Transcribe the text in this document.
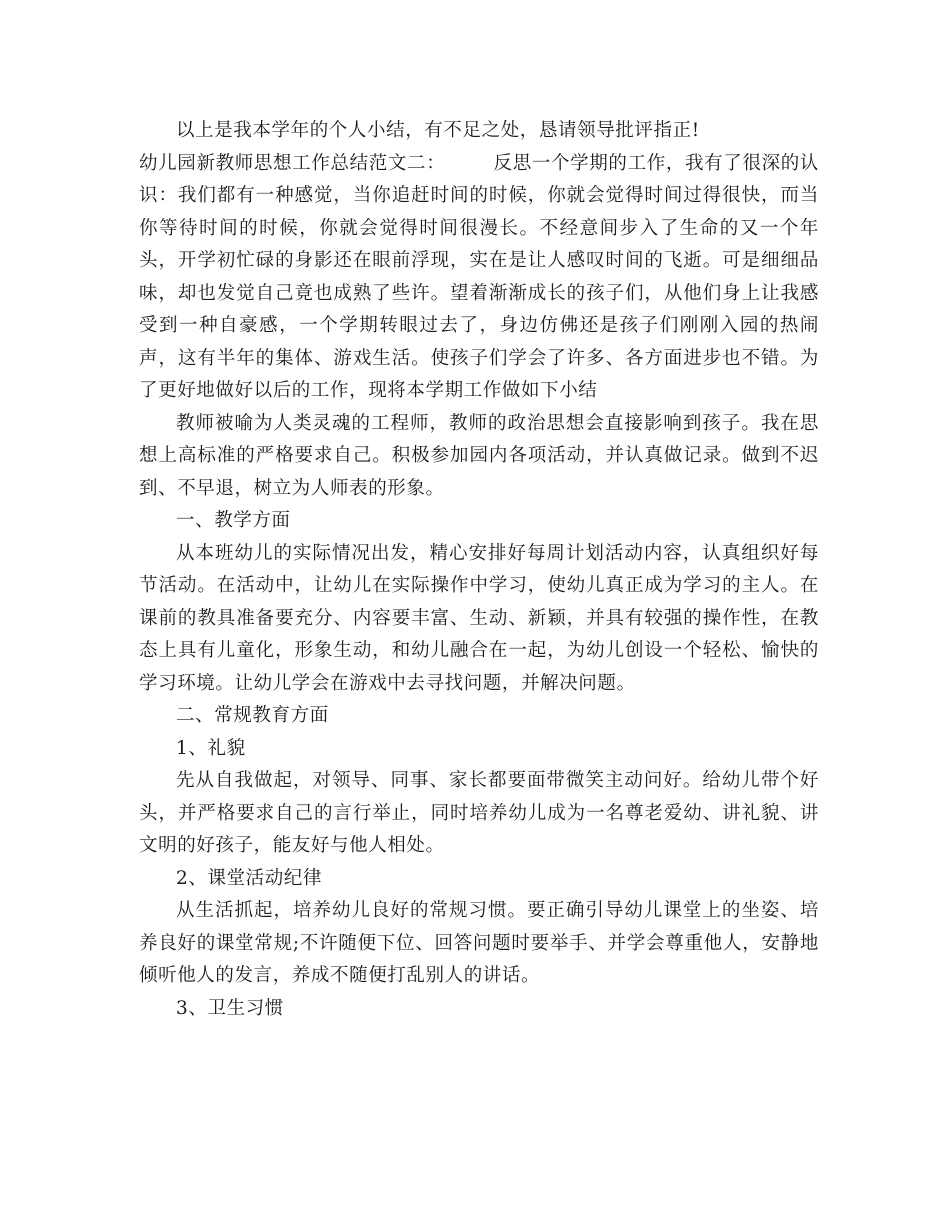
以上是我本学年的个人小结，有不足之处，恳请领导批评指正!

幼儿园新教师思想工作总结范文二：　　　反思一个学期的工作，我有了很深的认识：我们都有一种感觉，当你追赶时间的时候，你就会觉得时间过得很快，而当你等待时间的时候，你就会觉得时间很漫长。不经意间步入了生命的又一个年头，开学初忙碌的身影还在眼前浮现，实在是让人感叹时间的飞逝。可是细细品味，却也发觉自己竟也成熟了些许。望着渐渐成长的孩子们，从他们身上让我感受到一种自豪感，一个学期转眼过去了，身边仿佛还是孩子们刚刚入园的热闹声，这有半年的集体、游戏生活。使孩子们学会了许多、各方面进步也不错。为了更好地做好以后的工作，现将本学期工作做如下小结

教师被喻为人类灵魂的工程师，教师的政治思想会直接影响到孩子。我在思想上高标准的严格要求自己。积极参加园内各项活动，并认真做记录。做到不迟到、不早退，树立为人师表的形象。

一、教学方面

从本班幼儿的实际情况出发，精心安排好每周计划活动内容，认真组织好每节活动。在活动中，让幼儿在实际操作中学习，使幼儿真正成为学习的主人。在课前的教具准备要充分、内容要丰富、生动、新颖，并具有较强的操作性，在教态上具有儿童化，形象生动，和幼儿融合在一起，为幼儿创设一个轻松、愉快的学习环境。让幼儿学会在游戏中去寻找问题，并解决问题。

二、常规教育方面

1、礼貌

先从自我做起，对领导、同事、家长都要面带微笑主动问好。给幼儿带个好头，并严格要求自己的言行举止，同时培养幼儿成为一名尊老爱幼、讲礼貌、讲文明的好孩子，能友好与他人相处。

2、课堂活动纪律

从生活抓起，培养幼儿良好的常规习惯。要正确引导幼儿课堂上的坐姿、培养良好的课堂常规;不许随便下位、回答问题时要举手、并学会尊重他人，安静地倾听他人的发言，养成不随便打乱别人的讲话。

3、卫生习惯
